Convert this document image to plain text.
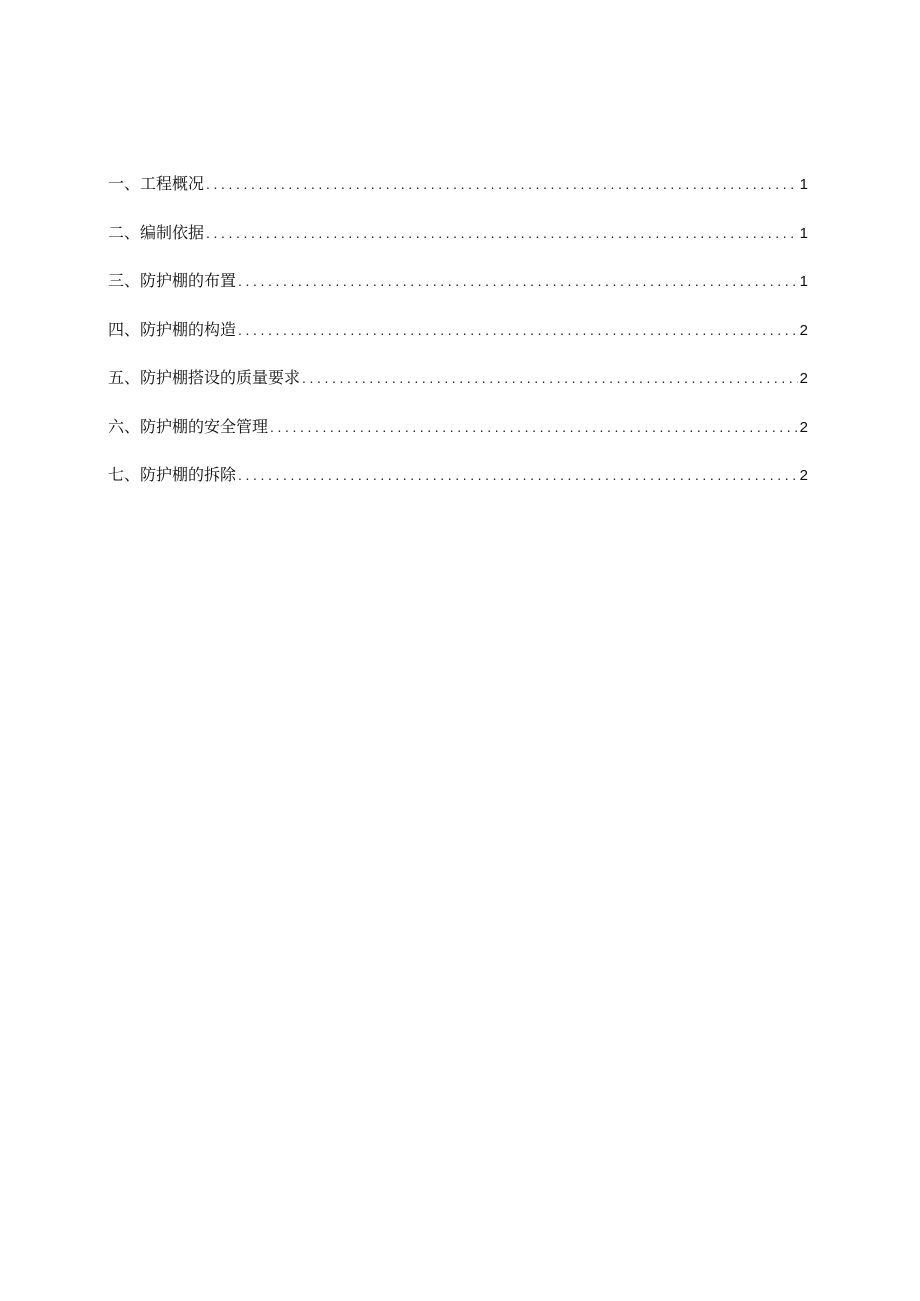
一、工程概况 .....	1
二、编制依据 .....	1
三、防护棚的布置 .....	1
四、防护棚的构造 .....	2
五、防护棚搭设的质量要求 .....	2
六、防护棚的安全管理 .....	2
七、防护棚的拆除 .....	2
